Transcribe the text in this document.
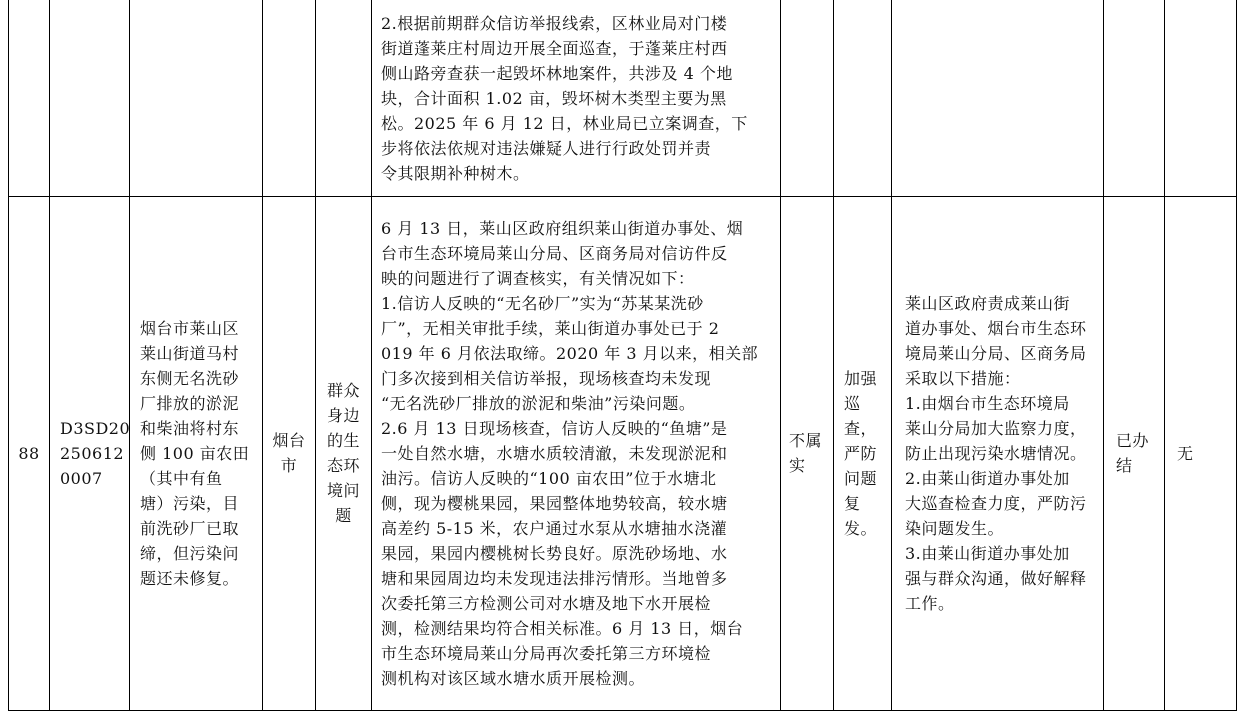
2.根据前期群众信访举报线索，区林业局对门楼
街道蓬莱庄村周边开展全面巡查，于蓬莱庄村西
侧山路旁查获一起毁坏林地案件，共涉及 4 个地
块，合计面积 1.02 亩，毁坏树木类型主要为黑
松。2025 年 6 月 12 日，林业局已立案调查，下
步将依法依规对违法嫌疑人进行行政处罚并责
令其限期补种树木。
88
D3SD20
250612
0007
烟台市莱山区
莱山街道马村
东侧无名洗砂
厂排放的淤泥
和柴油将村东
侧 100 亩农田
（其中有鱼
塘）污染，目
前洗砂厂已取
缔，但污染问
题还未修复。
烟台
市
群众
身边
的生
态环
境问
题
6 月 13 日，莱山区政府组织莱山街道办事处、烟
台市生态环境局莱山分局、区商务局对信访件反
映的问题进行了调查核实，有关情况如下：
1.信访人反映的“无名砂厂”实为“苏某某洗砂
厂”，无相关审批手续，莱山街道办事处已于 2
019 年 6 月依法取缔。2020 年 3 月以来，相关部
门多次接到相关信访举报，现场核查均未发现
“无名洗砂厂排放的淤泥和柴油”污染问题。
2.6 月 13 日现场核查，信访人反映的“鱼塘”是
一处自然水塘，水塘水质较清澈，未发现淤泥和
油污。信访人反映的“100 亩农田”位于水塘北
侧，现为樱桃果园，果园整体地势较高，较水塘
高差约 5-15 米，农户通过水泵从水塘抽水浇灌
果园，果园内樱桃树长势良好。原洗砂场地、水
塘和果园周边均未发现违法排污情形。当地曾多
次委托第三方检测公司对水塘及地下水开展检
测，检测结果均符合相关标准。6 月 13 日，烟台
市生态环境局莱山分局再次委托第三方环境检
测机构对该区域水塘水质开展检测。
不属
实
加强
巡
查，
严防
问题
复
发。
莱山区政府责成莱山街
道办事处、烟台市生态环
境局莱山分局、区商务局
采取以下措施：
1.由烟台市生态环境局
莱山分局加大监察力度，
防止出现污染水塘情况。
2.由莱山街道办事处加
大巡查检查力度，严防污
染问题发生。
3.由莱山街道办事处加
强与群众沟通，做好解释
工作。
已办
结
无
